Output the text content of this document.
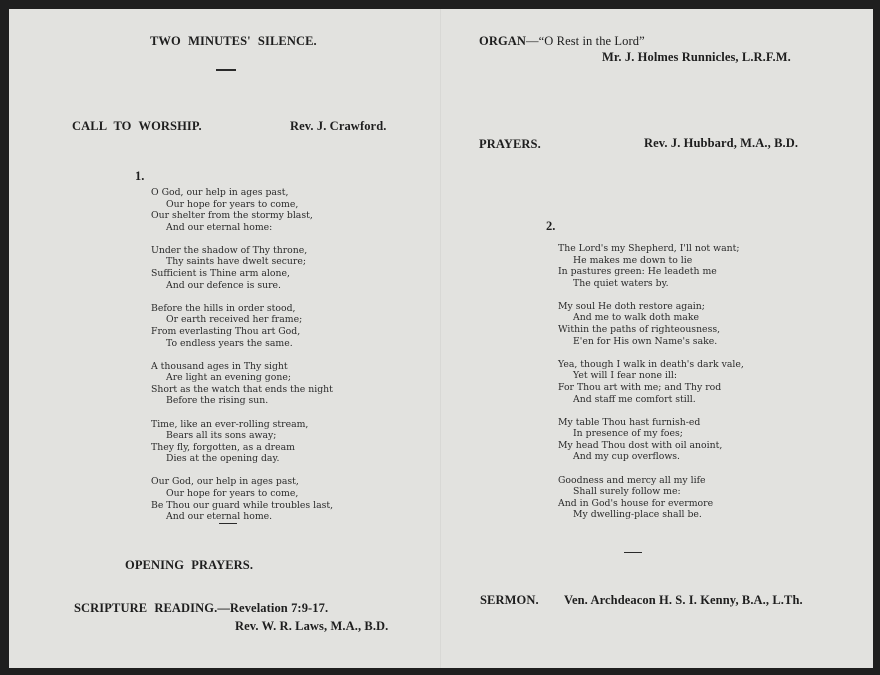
TWO MINUTES' SILENCE.
CALL TO WORSHIP.	Rev. J. Crawford.
1.
O God, our help in ages past,
Our hope for years to come,
Our shelter from the stormy blast,
And our eternal home:
Under the shadow of Thy throne,
Thy saints have dwelt secure;
Sufficient is Thine arm alone,
And our defence is sure.
Before the hills in order stood,
Or earth received her frame;
From everlasting Thou art God,
To endless years the same.
A thousand ages in Thy sight
Are light an evening gone;
Short as the watch that ends the night
Before the rising sun.
Time, like an ever-rolling stream,
Bears all its sons away;
They fly, forgotten, as a dream
Dies at the opening day.
Our God, our help in ages past,
Our hope for years to come,
Be Thou our guard while troubles last,
And our eternal home.
OPENING PRAYERS.
SCRIPTURE READING.—Revelation 7:9-17.
Rev. W. R. Laws, M.A., B.D.
ORGAN—“O Rest in the Lord”
Mr. J. Holmes Runnicles, L.R.F.M.
PRAYERS.	Rev. J. Hubbard, M.A., B.D.
2.
The Lord's my Shepherd, I'll not want;
He makes me down to lie
In pastures green: He leadeth me
The quiet waters by.
My soul He doth restore again;
And me to walk doth make
Within the paths of righteousness,
E'en for His own Name's sake.
Yea, though I walk in death's dark vale,
Yet will I fear none ill:
For Thou art with me; and Thy rod
And staff me comfort still.
My table Thou hast furnish-ed
In presence of my foes;
My head Thou dost with oil anoint,
And my cup overflows.
Goodness and mercy all my life
Shall surely follow me:
And in God's house for evermore
My dwelling-place shall be.
SERMON. Ven. Archdeacon H. S. I. Kenny, B.A., L.Th.
